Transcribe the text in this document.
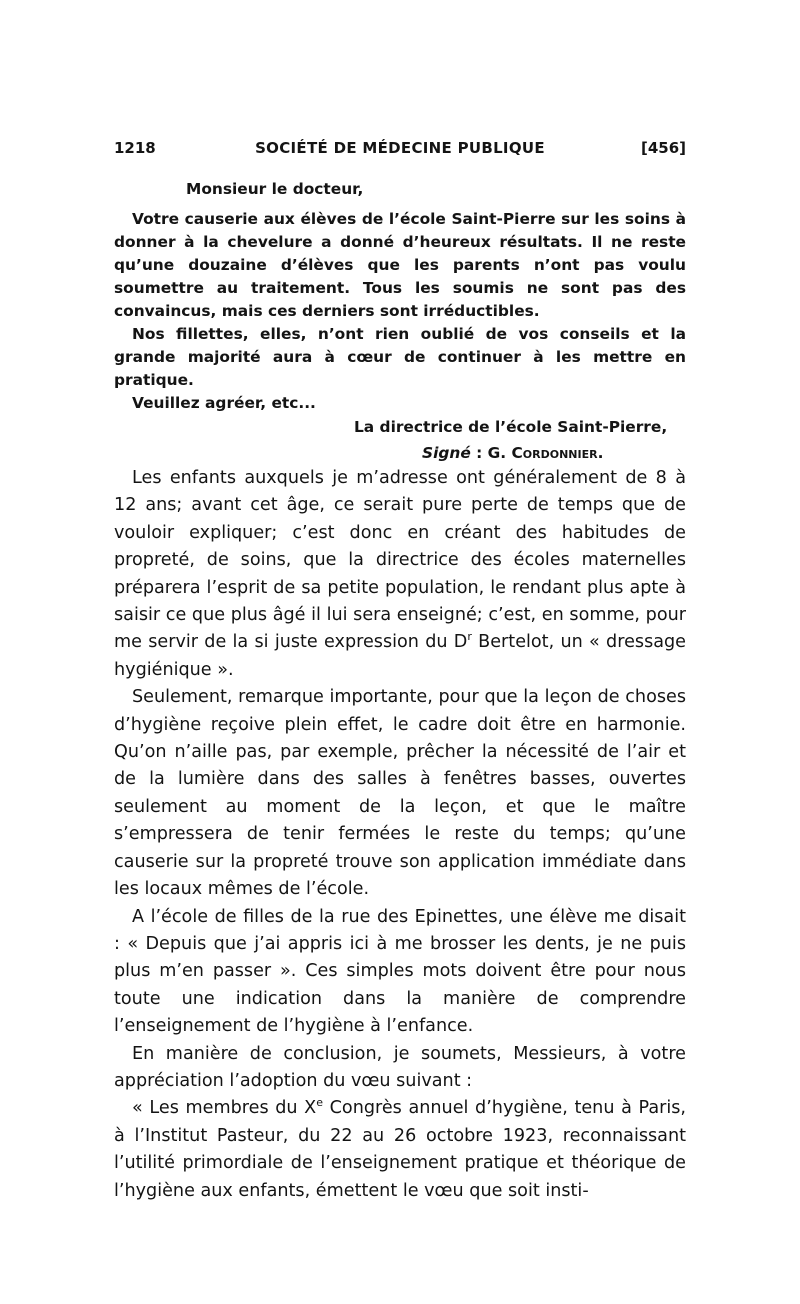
1218	SOCIÉTÉ DE MÉDECINE PUBLIQUE	[456]

Monsieur le docteur,

Votre causerie aux élèves de l’école Saint-Pierre sur les soins à donner à la chevelure a donné d’heureux résultats. Il ne reste qu’une douzaine d’élèves que les parents n’ont pas voulu soumettre au traitement. Tous les soumis ne sont pas des convaincus, mais ces derniers sont irréductibles.

Nos fillettes, elles, n’ont rien oublié de vos conseils et la grande majorité aura à cœur de continuer à les mettre en pratique.

Veuillez agréer, etc...

La directrice de l’école Saint-Pierre,

Signé : G. Cordonnier.

Les enfants auxquels je m’adresse ont généralement de 8 à 12 ans; avant cet âge, ce serait pure perte de temps que de vouloir expliquer; c’est donc en créant des habitudes de propreté, de soins, que la directrice des écoles maternelles préparera l’esprit de sa petite population, le rendant plus apte à saisir ce que plus âgé il lui sera enseigné; c’est, en somme, pour me servir de la si juste expression du $D^r$ Bertelot, un « dressage hygiénique ».

Seulement, remarque importante, pour que la leçon de choses d’hygiène reçoive plein effet, le cadre doit être en harmonie. Qu’on n’aille pas, par exemple, prêcher la nécessité de l’air et de la lumière dans des salles à fenêtres basses, ouvertes seulement au moment de la leçon, et que le maître s’empressera de tenir fermées le reste du temps; qu’une causerie sur la propreté trouve son application immédiate dans les locaux mêmes de l’école.

A l’école de filles de la rue des Epinettes, une élève me disait : « Depuis que j’ai appris ici à me brosser les dents, je ne puis plus m’en passer ». Ces simples mots doivent être pour nous toute une indication dans la manière de comprendre l’enseignement de l’hygiène à l’enfance.

En manière de conclusion, je soumets, Messieurs, à votre appréciation l’adoption du vœu suivant :

« Les membres du Xe Congrès annuel d’hygiène, tenu à Paris, à l’Institut Pasteur, du 22 au 26 octobre 1923, reconnaissant l’utilité primordiale de l’enseignement pratique et théorique de l’hygiène aux enfants, émettent le vœu que soit insti-
